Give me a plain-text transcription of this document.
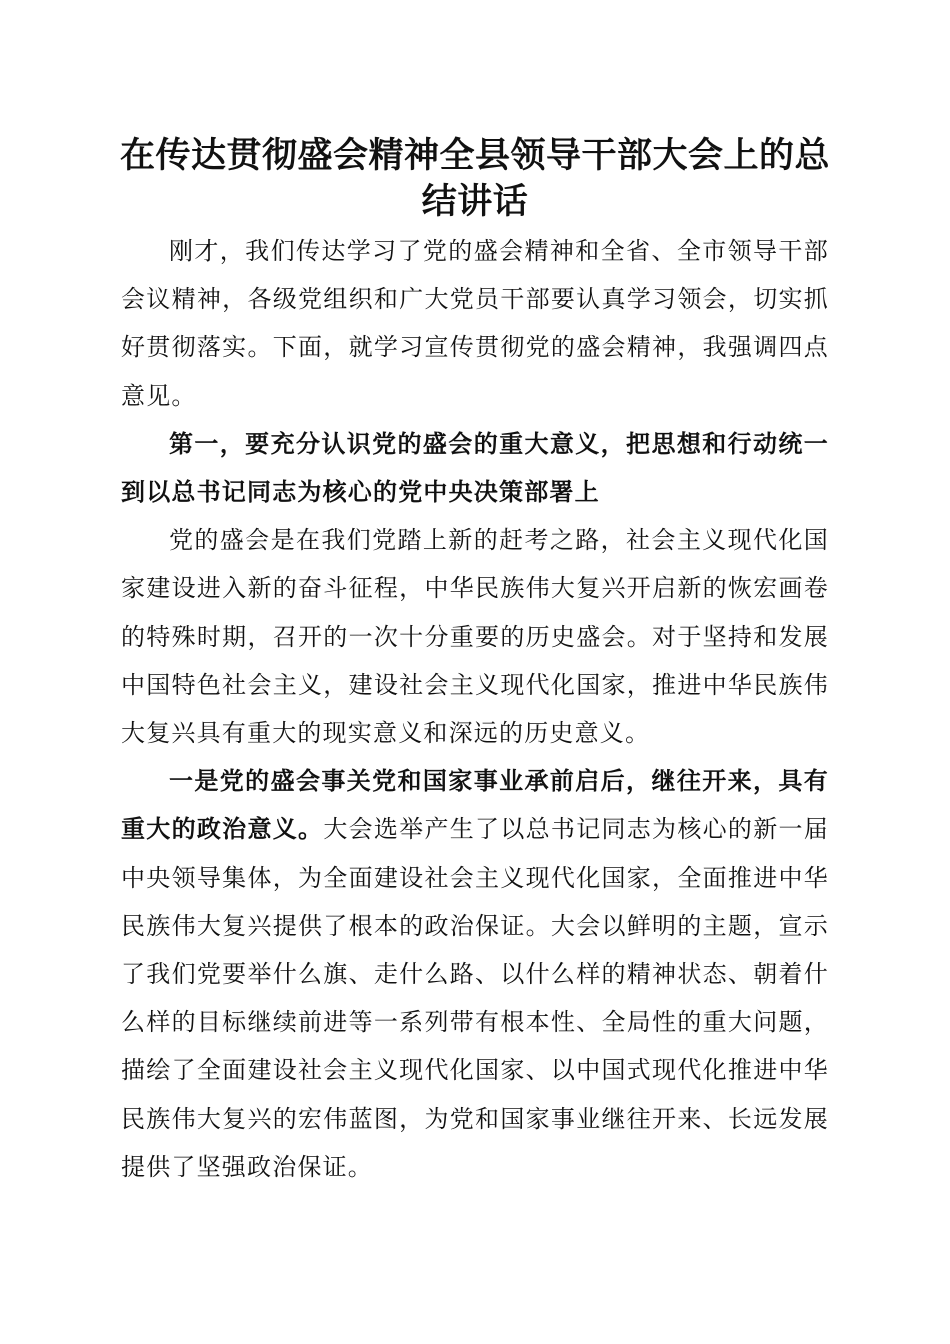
在传达贯彻盛会精神全县领导干部大会上的总结讲话

刚才，我们传达学习了党的盛会精神和全省、全市领导干部会议精神，各级党组织和广大党员干部要认真学习领会，切实抓好贯彻落实。下面，就学习宣传贯彻党的盛会精神，我强调四点意见。

第一，要充分认识党的盛会的重大意义，把思想和行动统一到以总书记同志为核心的党中央决策部署上

党的盛会是在我们党踏上新的赶考之路，社会主义现代化国家建设进入新的奋斗征程，中华民族伟大复兴开启新的恢宏画卷的特殊时期，召开的一次十分重要的历史盛会。对于坚持和发展中国特色社会主义，建设社会主义现代化国家，推进中华民族伟大复兴具有重大的现实意义和深远的历史意义。

一是党的盛会事关党和国家事业承前启后，继往开来，具有重大的政治意义。大会选举产生了以总书记同志为核心的新一届中央领导集体，为全面建设社会主义现代化国家，全面推进中华民族伟大复兴提供了根本的政治保证。大会以鲜明的主题，宣示了我们党要举什么旗、走什么路、以什么样的精神状态、朝着什么样的目标继续前进等一系列带有根本性、全局性的重大问题，描绘了全面建设社会主义现代化国家、以中国式现代化推进中华民族伟大复兴的宏伟蓝图，为党和国家事业继往开来、长远发展提供了坚强政治保证。
